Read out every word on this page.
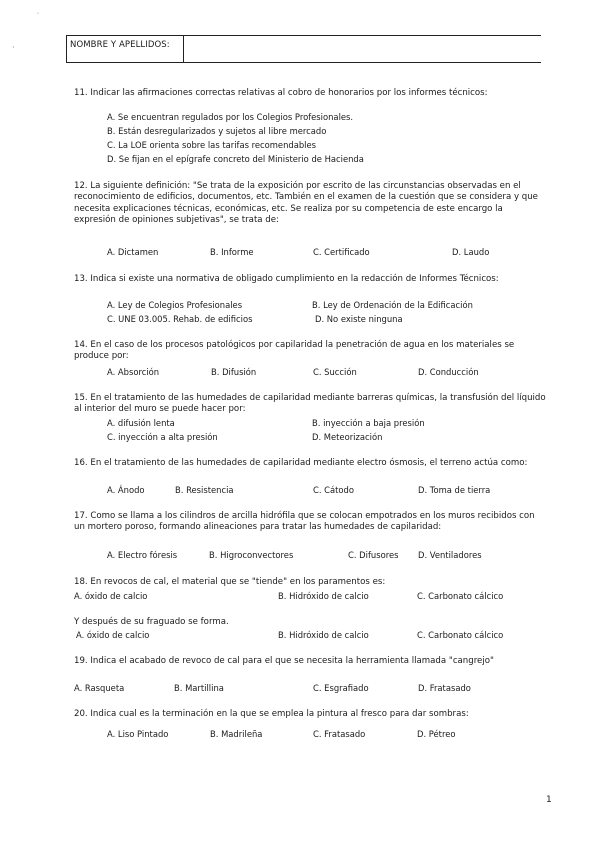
˙
·	NOMBRE Y APELLIDOS:

11. Indicar las afirmaciones correctas relativas al cobro de honorarios por los informes técnicos:

A. Se encuentran regulados por los Colegios Profesionales.
B. Están desregularizados y sujetos al libre mercado
C. La LOE orienta sobre las tarifas recomendables
D. Se fijan en el epígrafe concreto del Ministerio de Hacienda

12. La siguiente definición: "Se trata de la exposición por escrito de las circunstancias observadas en el reconocimiento de edificios, documentos, etc. También en el examen de la cuestión que se considera y que necesita explicaciones técnicas, económicas, etc. Se realiza por su competencia de este encargo la expresión de opiniones subjetivas", se trata de:

A. Dictamen	B. Informe	C. Certificado	D. Laudo

13. Indica si existe una normativa de obligado cumplimiento en la redacción de Informes Técnicos:

A. Ley de Colegios Profesionales	B. Ley de Ordenación de la Edificación
C. UNE 03.005. Rehab. de edificios	D. No existe ninguna

14. En el caso de los procesos patológicos por capilaridad la penetración de agua en los materiales se produce por:

A. Absorción	B. Difusión	C. Succión	D. Conducción

15. En el tratamiento de las humedades de capilaridad mediante barreras químicas, la transfusión del líquido al interior del muro se puede hacer por:

A. difusión lenta	B. inyección a baja presión
C. inyección a alta presión	D. Meteorización

16. En el tratamiento de las humedades de capilaridad mediante electro ósmosis, el terreno actúa como:

A. Ánodo	B. Resistencia	C. Cátodo	D. Toma de tierra

17. Como se llama a los cilindros de arcilla hidrófila que se colocan empotrados en los muros recibidos con un mortero poroso, formando alineaciones para tratar las humedades de capilaridad:

A. Electro fóresis	B. Higroconvectores	C. Difusores D. Ventiladores

18. En revocos de cal, el material que se "tiende" en los paramentos es:

A. óxido de calcio	B. Hidróxido de calcio	C. Carbonato cálcico

Y después de su fraguado se forma.

A. óxido de calcio	B. Hidróxido de calcio	C. Carbonato cálcico

19. Indica el acabado de revoco de cal para el que se necesita la herramienta llamada "cangrejo"

A. Rasqueta	B. Martillina	C. Esgrafiado	D. Fratasado

20. Indica cual es la terminación en la que se emplea la pintura al fresco para dar sombras:

A. Liso Pintado	B. Madrileña	C. Fratasado	D. Pétreo
1
